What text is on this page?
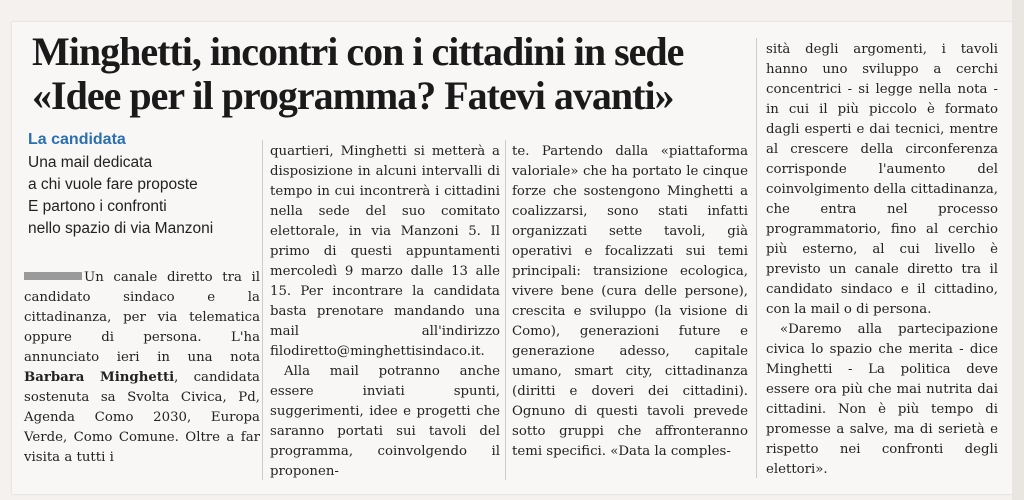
Minghetti, incontri con i cittadini in sede
«Idee per il programma? Fatevi avanti»
La candidata
Una mail dedicata
a chi vuole fare proposte
E partono i confronti
nello spazio di via Manzoni

Un canale diretto tra il candidato sindaco e la cittadinanza, per via telematica oppure di persona. L'ha annunciato ieri in una nota Barbara Minghetti, candidata sostenuta sa Svolta Civica, Pd, Agenda Como 2030, Europa Verde, Como Comune. Oltre a far visita a tutti i

quartieri, Minghetti si metterà a disposizione in alcuni intervalli di tempo in cui incontrerà i cittadini nella sede del suo comitato elettorale, in via Manzoni 5. Il primo di questi appuntamenti mercoledì 9 marzo dalle 13 alle 15. Per incontrare la candidata basta prenotare mandando una mail all'indirizzo filodiretto@minghettisindaco.it.

Alla mail potranno anche essere inviati spunti, suggerimenti, idee e progetti che saranno portati sui tavoli del programma, coinvolgendo il proponen-

te. Partendo dalla «piattaforma valoriale» che ha portato le cinque forze che sostengono Minghetti a coalizzarsi, sono stati infatti organizzati sette tavoli, già operativi e focalizzati sui temi principali: transizione ecologica, vivere bene (cura delle persone), crescita e sviluppo (la visione di Como), generazioni future e generazione adesso, capitale umano, smart city, cittadinanza (diritti e doveri dei cittadini). Ognuno di questi tavoli prevede sotto gruppi che affronteranno temi specifici. «Data la comples-

sità degli argomenti, i tavoli hanno uno sviluppo a cerchi concentrici - si legge nella nota - in cui il più piccolo è formato dagli esperti e dai tecnici, mentre al crescere della circonferenza corrisponde l'aumento del coinvolgimento della cittadinanza, che entra nel processo programmatorio, fino al cerchio più esterno, al cui livello è previsto un canale diretto tra il candidato sindaco e il cittadino, con la mail o di persona.

«Daremo alla partecipazione civica lo spazio che merita - dice Minghetti - La politica deve essere ora più che mai nutrita dai cittadini. Non è più tempo di promesse a salve, ma di serietà e rispetto nei confronti degli elettori».
